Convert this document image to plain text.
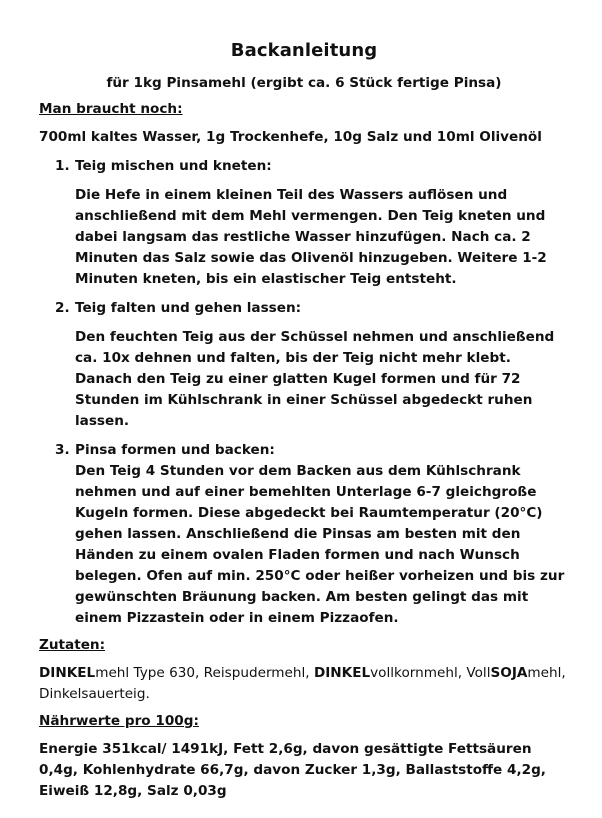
Backanleitung
für 1kg Pinsamehl (ergibt ca. 6 Stück fertige Pinsa)
Man braucht noch:
700ml kaltes Wasser, 1g Trockenhefe, 10g Salz und 10ml Olivenöl
1. Teig mischen und kneten:
Die Hefe in einem kleinen Teil des Wassers auflösen und anschließend mit dem Mehl vermengen. Den Teig kneten und dabei langsam das restliche Wasser hinzufügen. Nach ca. 2 Minuten das Salz sowie das Olivenöl hinzugeben. Weitere 1-2 Minuten kneten, bis ein elastischer Teig entsteht.
2. Teig falten und gehen lassen:
Den feuchten Teig aus der Schüssel nehmen und anschließend ca. 10x dehnen und falten, bis der Teig nicht mehr klebt. Danach den Teig zu einer glatten Kugel formen und für 72 Stunden im Kühlschrank in einer Schüssel abgedeckt ruhen lassen.
3. Pinsa formen und backen:
Den Teig 4 Stunden vor dem Backen aus dem Kühlschrank nehmen und auf einer bemehlten Unterlage 6-7 gleichgroße Kugeln formen. Diese abgedeckt bei Raumtemperatur (20°C) gehen lassen. Anschließend die Pinsas am besten mit den Händen zu einem ovalen Fladen formen und nach Wunsch belegen. Ofen auf min. 250°C oder heißer vorheizen und bis zur gewünschten Bräunung backen. Am besten gelingt das mit einem Pizzastein oder in einem Pizzaofen.
Zutaten:
DINKELmehl Type 630, Reispudermehl, DINKELvollkornmehl, VollSOJAmehl, Dinkelsauerteig.
Nährwerte pro 100g:
Energie 351kcal/ 1491kJ, Fett 2,6g, davon gesättigte Fettsäuren 0,4g, Kohlenhydrate 66,7g, davon Zucker 1,3g, Ballaststoffe 4,2g, Eiweiß 12,8g, Salz 0,03g
